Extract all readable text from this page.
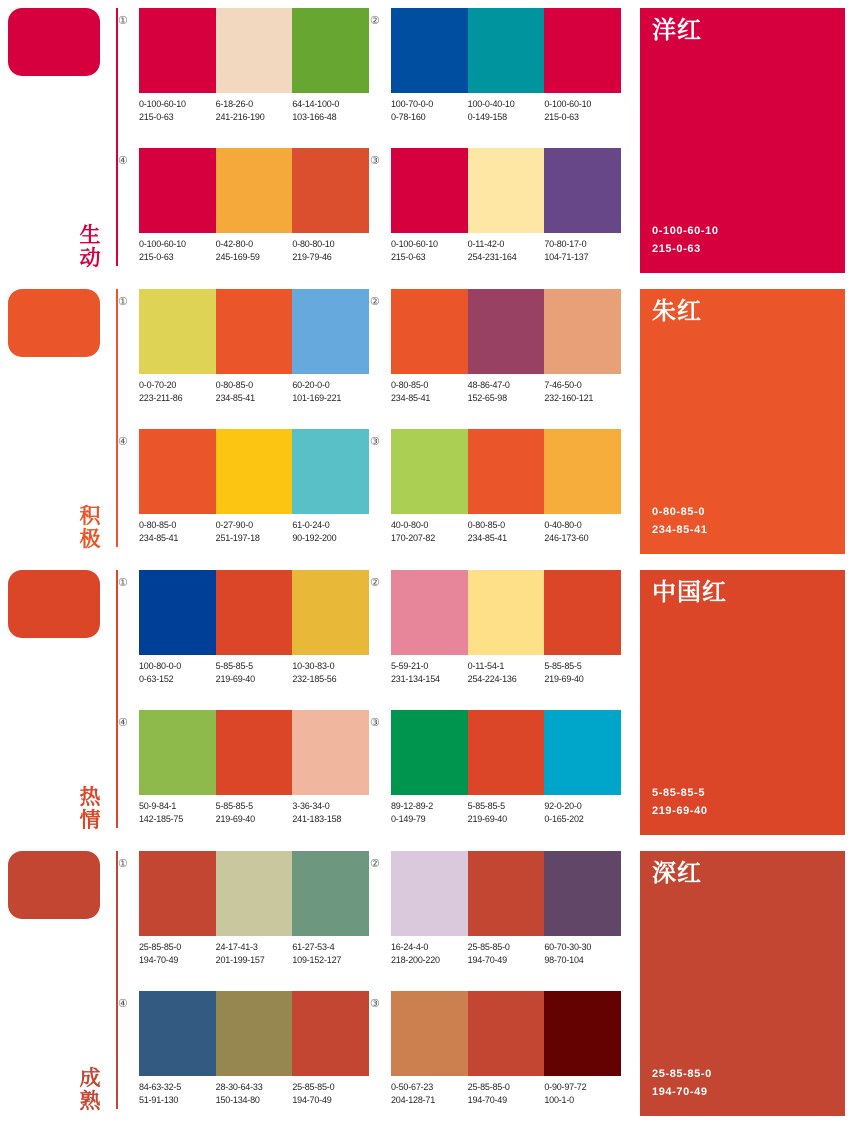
生
动
①
0-100-60-10
215-0-63
6-18-26-0
241-216-190
64-14-100-0
103-166-48
②
100-70-0-0
0-78-160
100-0-40-10
0-149-158
0-100-60-10
215-0-63
④
0-100-60-10
215-0-63
0-42-80-0
245-169-59
0-80-80-10
219-79-46
③
0-100-60-10
215-0-63
0-11-42-0
254-231-164
70-80-17-0
104-71-137
洋红
0-100-60-10
215-0-63
积
极
①
0-0-70-20
223-211-86
0-80-85-0
234-85-41
60-20-0-0
101-169-221
②
0-80-85-0
234-85-41
48-86-47-0
152-65-98
7-46-50-0
232-160-121
④
0-80-85-0
234-85-41
0-27-90-0
251-197-18
61-0-24-0
90-192-200
③
40-0-80-0
170-207-82
0-80-85-0
234-85-41
0-40-80-0
246-173-60
朱红
0-80-85-0
234-85-41
热
情
①
100-80-0-0
0-63-152
5-85-85-5
219-69-40
10-30-83-0
232-185-56
②
5-59-21-0
231-134-154
0-11-54-1
254-224-136
5-85-85-5
219-69-40
④
50-9-84-1
142-185-75
5-85-85-5
219-69-40
3-36-34-0
241-183-158
③
89-12-89-2
0-149-79
5-85-85-5
219-69-40
92-0-20-0
0-165-202
中国红
5-85-85-5
219-69-40
成
熟
①
25-85-85-0
194-70-49
24-17-41-3
201-199-157
61-27-53-4
109-152-127
②
16-24-4-0
218-200-220
25-85-85-0
194-70-49
60-70-30-30
98-70-104
④
84-63-32-5
51-91-130
28-30-64-33
150-134-80
25-85-85-0
194-70-49
③
0-50-67-23
204-128-71
25-85-85-0
194-70-49
0-90-97-72
100-1-0
深红
25-85-85-0
194-70-49
